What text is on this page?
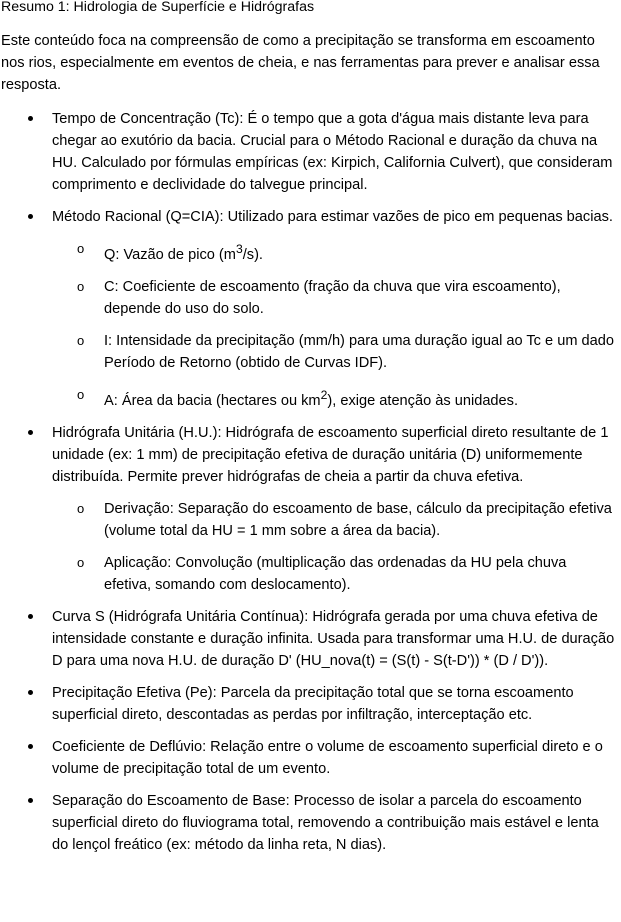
Resumo 1: Hidrologia de Superfície e Hidrógrafas

Este conteúdo foca na compreensão de como a precipitação se transforma em escoamento nos rios, especialmente em eventos de cheia, e nas ferramentas para prever e analisar essa resposta.

Tempo de Concentração (Tc): É o tempo que a gota d'água mais distante leva para chegar ao exutório da bacia. Crucial para o Método Racional e duração da chuva na HU. Calculado por fórmulas empíricas (ex: Kirpich, California Culvert), que consideram comprimento e declividade do talvegue principal.
Método Racional (Q=CIA): Utilizado para estimar vazões de pico em pequenas bacias.
o Q: Vazão de pico $(m^3/s)$.
o C: Coeficiente de escoamento (fração da chuva que vira escoamento), depende do uso do solo.
o I: Intensidade da precipitação (mm/h) para uma duração igual ao Tc e um dado Período de Retorno (obtido de Curvas IDF).
o A: Área da bacia (hectares ou $km^2$), exige atenção às unidades.
Hidrógrafa Unitária (H.U.): Hidrógrafa de escoamento superficial direto resultante de 1 unidade (ex: 1 mm) de precipitação efetiva de duração unitária (D) uniformemente distribuída. Permite prever hidrógrafas de cheia a partir da chuva efetiva.
o Derivação: Separação do escoamento de base, cálculo da precipitação efetiva (volume total da HU = 1 mm sobre a área da bacia).
o Aplicação: Convolução (multiplicação das ordenadas da HU pela chuva efetiva, somando com deslocamento).
Curva S (Hidrógrafa Unitária Contínua): Hidrógrafa gerada por uma chuva efetiva de intensidade constante e duração infinita. Usada para transformar uma H.U. de duração D para uma nova H.U. de duração D' (HU_nova(t) = (S(t) - S(t-D')) * (D / D')).
Precipitação Efetiva (Pe): Parcela da precipitação total que se torna escoamento superficial direto, descontadas as perdas por infiltração, interceptação etc.
Coeficiente de Deflúvio: Relação entre o volume de escoamento superficial direto e o volume de precipitação total de um evento.
Separação do Escoamento de Base: Processo de isolar a parcela do escoamento superficial direto do fluviograma total, removendo a contribuição mais estável e lenta do lençol freático (ex: método da linha reta, N dias).
